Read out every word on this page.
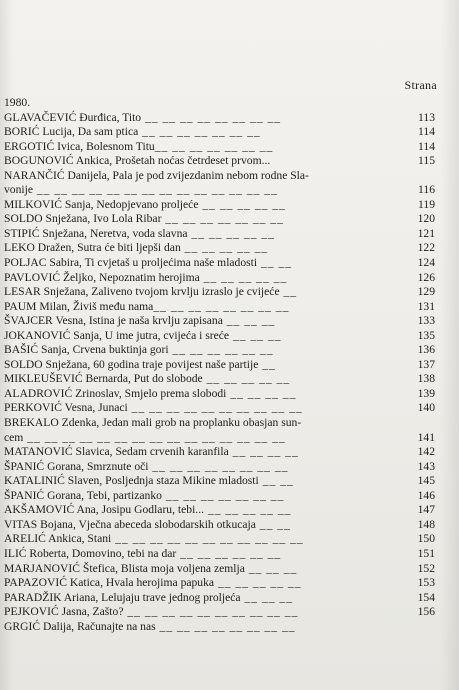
Strana
1980.
GLAVAČEVIĆ Đurđica, Tito __ __ __ __ __ __ __ __	113
BORIĆ Lucija, Da sam ptica __ __ __ __ __ __ __	114
ERGOTIĆ Ivica, Bolesnom Titu__ __ __ __ __ __ __	114
BOGUNOVIĆ Ankica, Prošetah noćas četrdeset prvom...	115
NARANČIĆ Danijela, Pala je pod zvijezdanim nebom rodne Sla-
vonije __ __ __ __ __ __ __ __ __ __ __ __ __ __	116
MILKOVIĆ Sanja, Nedopjevano proljeće __ __ __ __ __	119
SOLDO Snježana, Ivo Lola Ribar __ __ __ __ __ __ __	120
STIPIĆ Snježana, Neretva, voda slavna __ __ __ __ __	121
LEKO Dražen, Sutra će biti ljepši dan __ __ __ __ __	122
POLJAC Sabira, Ti cvjetaš u proljećima naše mladosti __ __	124
PAVLOVIĆ Željko, Nepoznatim herojima __ __ __ __ __	126
LESAR Snježana, Zaliveno tvojom krvlju izraslo je cvijeće __	129
PAUM Milan, Živiš među nama__ __ __ __ __ __ __ __	131
ŠVAJCER Vesna, Istina je naša krvlju zapisana __ __ __	133
JOKANOVIĆ Sanja, U ime jutra, cvijeća i sreće __ __ __	135
BAŠIĆ Sanja, Crvena buktinja gori __ __ __ __ __ __	136
SOLDO Snježana, 60 godina traje povijest naše partije __	137
MIKLEUŠEVIĆ Bernarda, Put do slobode __ __ __ __ __	138
ALADROVIĆ Zrinoslav, Smjelo prema slobodi __ __ __ __	139
PERKOVIĆ Vesna, Junaci __ __ __ __ __ __ __ __ __ __	140
BREKALO Zdenka, Jedan mali grob na proplanku obasjan sun-
cem __ __ __ __ __ __ __ __ __ __ __ __ __ __ __	141
MATANOVIĆ Slavica, Sedam crvenih karanfila __ __ __ __	142
ŠPANIĆ Gorana, Smrznute oči __ __ __ __ __ __ __ __	143
KATALINIĆ Slaven, Posljednja staza Mikine mladosti __ __	145
ŠPANIĆ Gorana, Tebi, partizanko __ __ __ __ __ __ __	146
AKŠAMOVIĆ Ana, Josipu Godlaru, tebi... __ __ __ __ __	147
VITAS Bojana, Vječna abeceda slobodarskih otkucaja __ __	148
ARELIĆ Ankica, Stani __ __ __ __ __ __ __ __ __ __ __	150
ILIĆ Roberta, Domovino, tebi na dar __ __ __ __ __ __	151
MARJANOVIĆ Štefica, Blista moja voljena zemlja __ __ __	152
PAPAZOVIĆ Katica, Hvala herojima papuka __ __ __ __ __	153
PARADŽIK Ariana, Lelujaju trave jednog proljeća __ __ __	154
PEJKOVIĆ Jasna, Zašto? __ __ __ __ __ __ __ __ __ __	156
GRGIĆ Dalija, Računajte na nas __ __ __ __ __ __ __ __
